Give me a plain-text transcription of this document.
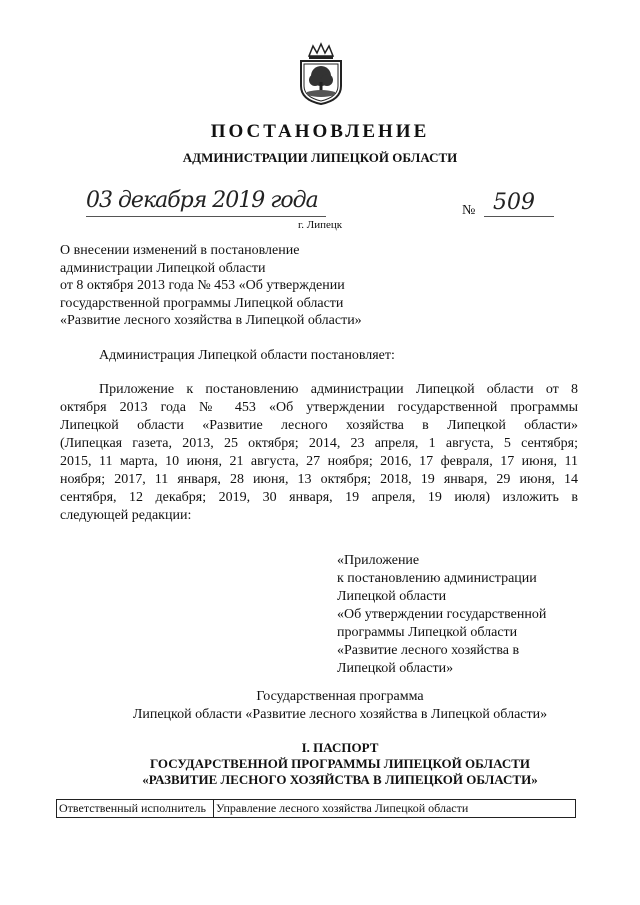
ПОСТАНОВЛЕНИЕ
АДМИНИСТРАЦИИ ЛИПЕЦКОЙ ОБЛАСТИ
03 декабря 2019 года
г. Липецк
№ 509
О внесении изменений в постановление
администрации Липецкой области
от 8 октября 2013 года № 453 «Об утверждении
государственной программы Липецкой области
«Развитие лесного хозяйства в Липецкой области»
Администрация Липецкой области постановляет:
Приложение к постановлению администрации Липецкой области от 8
октября 2013 года № 453 «Об утверждении государственной программы
Липецкой области «Развитие лесного хозяйства в Липецкой области»
(Липецкая газета, 2013, 25 октября; 2014, 23 апреля, 1 августа, 5 сентября;
2015, 11 марта, 10 июня, 21 августа, 27 ноября; 2016, 17 февраля, 17 июня, 11
ноября; 2017, 11 января, 28 июня, 13 октября; 2018, 19 января, 29 июня, 14
сентября, 12 декабря; 2019, 30 января, 19 апреля, 19 июля) изложить в
следующей редакции:
«Приложение
к постановлению администрации
Липецкой области
«Об утверждении государственной
программы Липецкой области
«Развитие лесного хозяйства в
Липецкой области»
Государственная программа
Липецкой области «Развитие лесного хозяйства в Липецкой области»
I. ПАСПОРТ
ГОСУДАРСТВЕННОЙ ПРОГРАММЫ ЛИПЕЦКОЙ ОБЛАСТИ
«РАЗВИТИЕ ЛЕСНОГО ХОЗЯЙСТВА В ЛИПЕЦКОЙ ОБЛАСТИ»
Ответственный исполнитель	Управление лесного хозяйства Липецкой области
